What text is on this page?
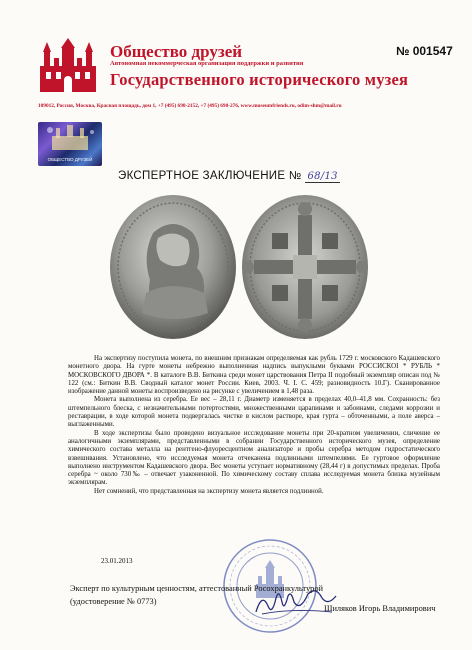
Общество друзей
Автономная некоммерческая организация поддержки и развития
Государственного исторического музея
№ 001547
109012, Россия, Москва, Красная площадь, дом 1, +7 (495) 698-2152, +7 (495) 698-276, www.museumfriends.ru, odim-shm@mail.ru
ОБЩЕСТВО ДРУЗЕЙ
ЭКСПЕРТНОЕ ЗАКЛЮЧЕНИЕ № 68/13

На экспертизу поступила монета, по внешним признакам определяемая как рубль 1729 г. московского Кадашевского монетного двора. На гурте монеты небрежно выполненная надпись выпуклыми буквами РОССИСКОI * РУБЛЬ * МОСКОВСКОГО ДВОРА *. В каталоге В.В. Биткина среди монет царствования Петра II подобный экземпляр описан под № 122 (см.: Биткин В.В. Сводный каталог монет России. Киев, 2003. Ч. I. С. 459; разновидность 10.Г). Сканированное изображение данной монеты воспроизведено на рисунке с увеличением в 1,48 раза.

Монета выполнена из серебра. Ее вес – 28,11 г. Диаметр изменяется в пределах 40,0–41,8 мм. Сохранность: без штемпельного блеска, с незначительными потертостями, множественными царапинами и забоинами, следами коррозии и реставрации, в ходе которой монета подвергалась чистке в кислом растворе, края гурта – обточенными, а поле аверса – выглаженными.

В ходе экспертизы было проведено визуальное исследование монеты при 20-кратном увеличении, сличение ее аналогичными экземплярами, представленными в собрании Государственного исторического музея, определение химического состава металла на рентгено-флуоресцентном анализаторе и пробы серебра методом гидростатического взвешивания. Установлено, что исследуемая монета отчеканена подлинными штемпелями. Ее гуртовое оформление выполнено инструментом Кадашевского двора. Вес монеты уступает нормативному (28,44 г) в допустимых пределах. Проба серебра ~ около 730‰ – отвечает узаконенной. По химическому составу сплава исследуемая монета близка музейным экземплярам.

Нет сомнений, что представленная на экспертизу монета является подлинной.

23.01.2013
Эксперт по культурным ценностям, аттестованный Росохранкультурой
(удостоверение № 0773)
Шиляков Игорь Владимирович
